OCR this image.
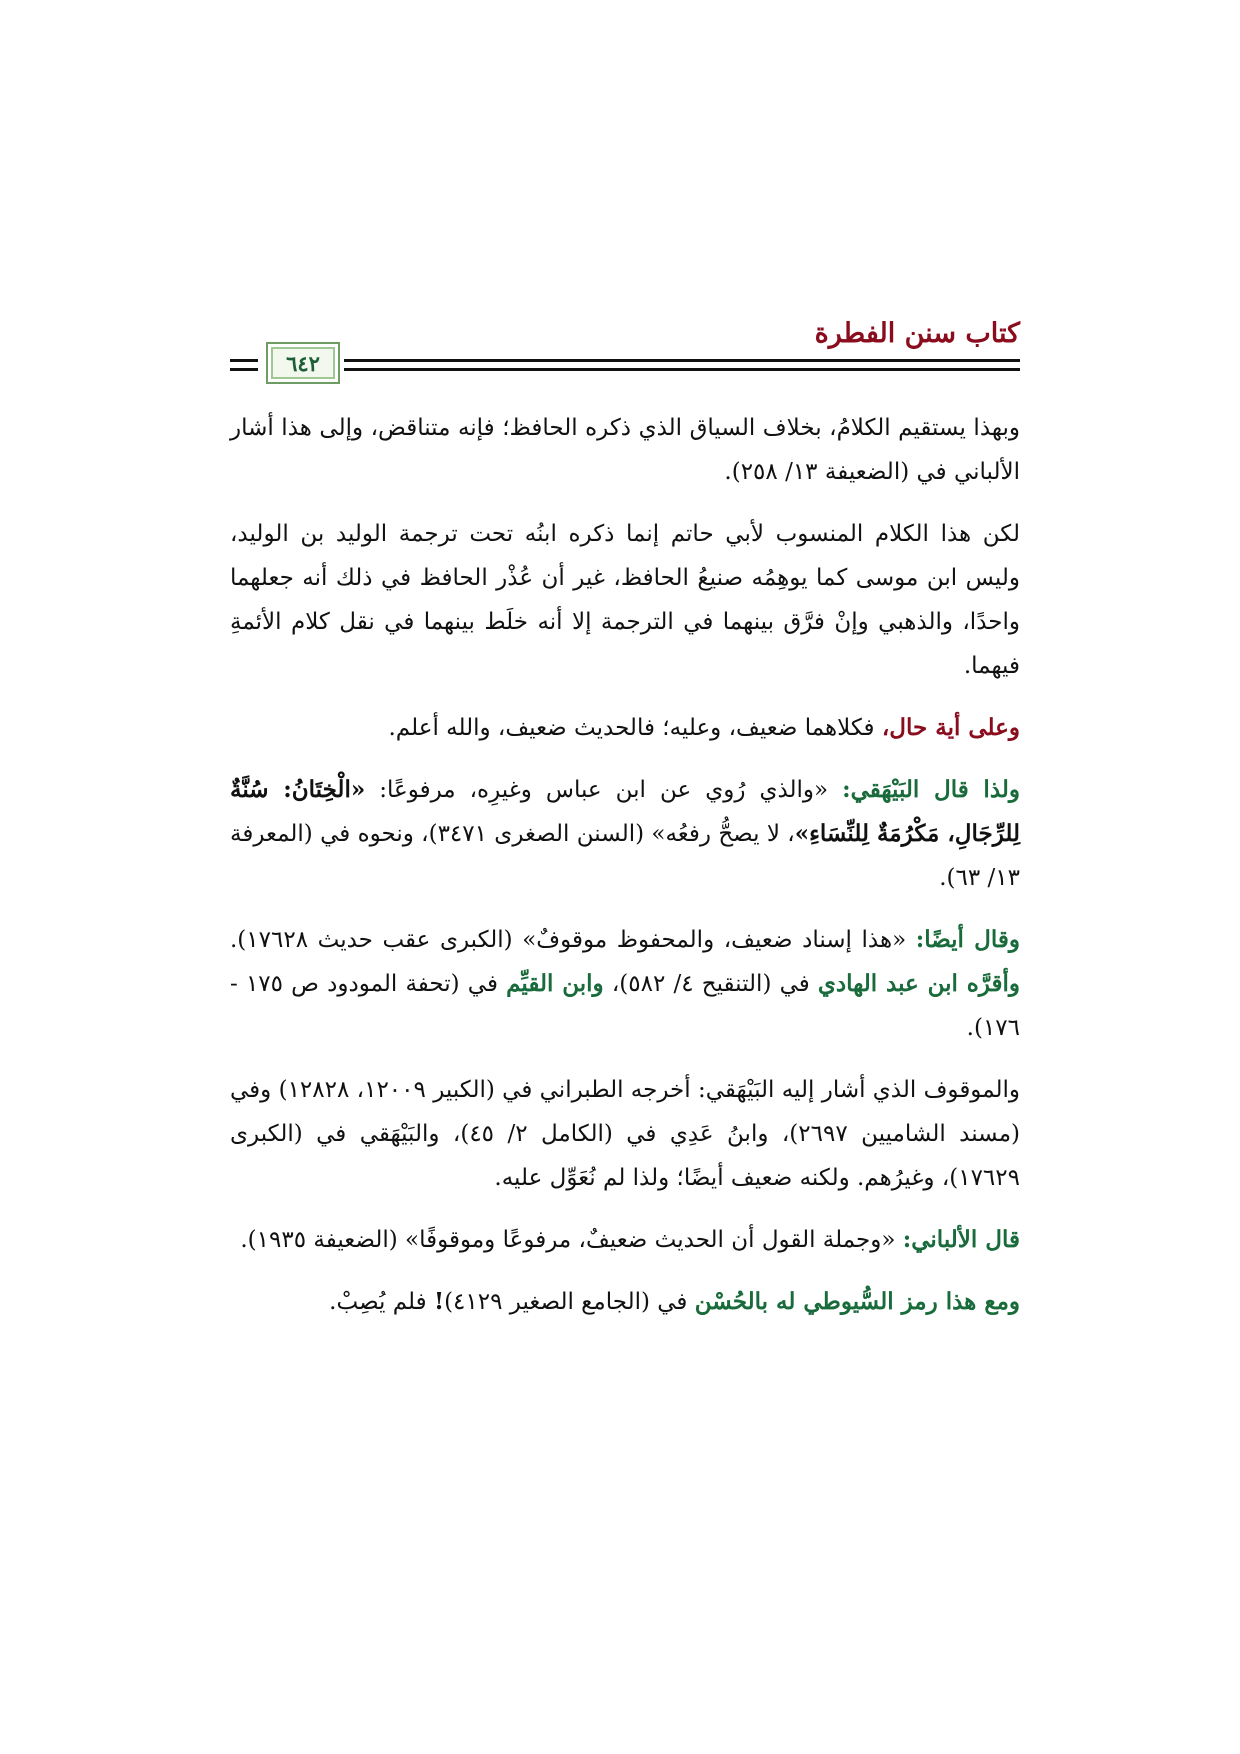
كتاب سنن الفطرة
٦٤٢

وبهذا يستقيم الكلامُ، بخلاف السياق الذي ذكره الحافظ؛ فإنه متناقض، وإلى هذا أشار الألباني في (الضعيفة ١٣/ ٢٥٨).

لكن هذا الكلام المنسوب لأبي حاتم إنما ذكره ابنُه تحت ترجمة الوليد بن الوليد، وليس ابن موسى كما يوهِمُه صنيعُ الحافظ، غير أن عُذْر الحافظ في ذلك أنه جعلهما واحدًا، والذهبي وإنْ فرَّق بينهما في الترجمة إلا أنه خلَط بينهما في نقل كلام الأئمةِ فيهما.

وعلى أية حال، فكلاهما ضعيف، وعليه؛ فالحديث ضعيف، والله أعلم.

ولذا قال البَيْهَقي: «والذي رُوي عن ابن عباس وغيرِه، مرفوعًا: «الْخِتَانُ: سُنَّةٌ لِلرِّجَالِ، مَكْرُمَةٌ لِلنِّسَاءِ»، لا يصحُّ رفعُه» (السنن الصغرى ٣٤٧١)، ونحوه في (المعرفة ١٣/ ٦٣).

وقال أيضًا: «هذا إسناد ضعيف، والمحفوظ موقوفٌ» (الكبرى عقب حديث ١٧٦٢٨). وأقرَّه ابن عبد الهادي في (التنقيح ٤/ ٥٨٢)، وابن القيِّم في (تحفة المودود ص ١٧٥ - ١٧٦).

والموقوف الذي أشار إليه البَيْهَقي: أخرجه الطبراني في (الكبير ١٢٠٠٩، ١٢٨٢٨) وفي (مسند الشاميين ٢٦٩٧)، وابنُ عَدِي في (الكامل ٢/ ٤٥)، والبَيْهَقي في (الكبرى ١٧٦٢٩)، وغيرُهم. ولكنه ضعيف أيضًا؛ ولذا لم نُعَوِّل عليه.

قال الألباني: «وجملة القول أن الحديث ضعيفٌ، مرفوعًا وموقوفًا» (الضعيفة ١٩٣٥).

ومع هذا رمز السُّيوطي له بالحُسْن في (الجامع الصغير ٤١٢٩)! فلم يُصِبْ.
